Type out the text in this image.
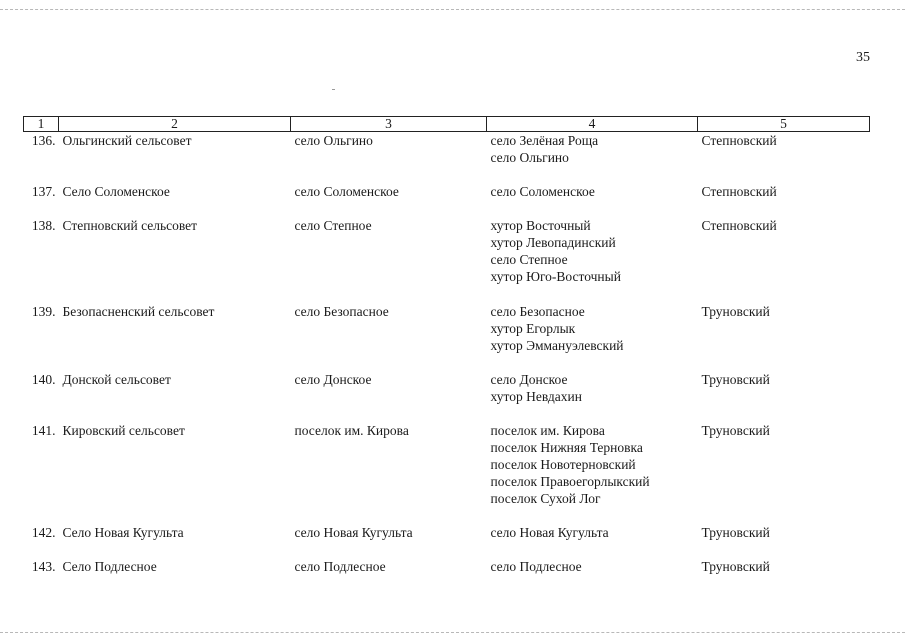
35
1	2	3	4	5
136.	Ольгинский сельсовет	село Ольгино	село Зелёная Роща
село Ольгино	Степновский
137.	Село Соломенское	село Соломенское	село Соломенское	Степновский
138.	Степновский сельсовет	село Степное	хутор Восточный
хутор Левопадинский
село Степное
хутор Юго-Восточный	Степновский
139.	Безопасненский сельсовет	село Безопасное	село Безопасное
хутор Егорлык
хутор Эммануэлевский	Труновский
140.	Донской сельсовет	село Донское	село Донское
хутор Невдахин	Труновский
141.	Кировский сельсовет	поселок им. Кирова	поселок им. Кирова
поселок Нижняя Терновка
поселок Новотерновский
поселок Правоегорлыкский
поселок Сухой Лог	Труновский
142.	Село Новая Кугульта	село Новая Кугульта	село Новая Кугульта	Труновский
143.	Село Подлесное	село Подлесное	село Подлесное	Труновский
